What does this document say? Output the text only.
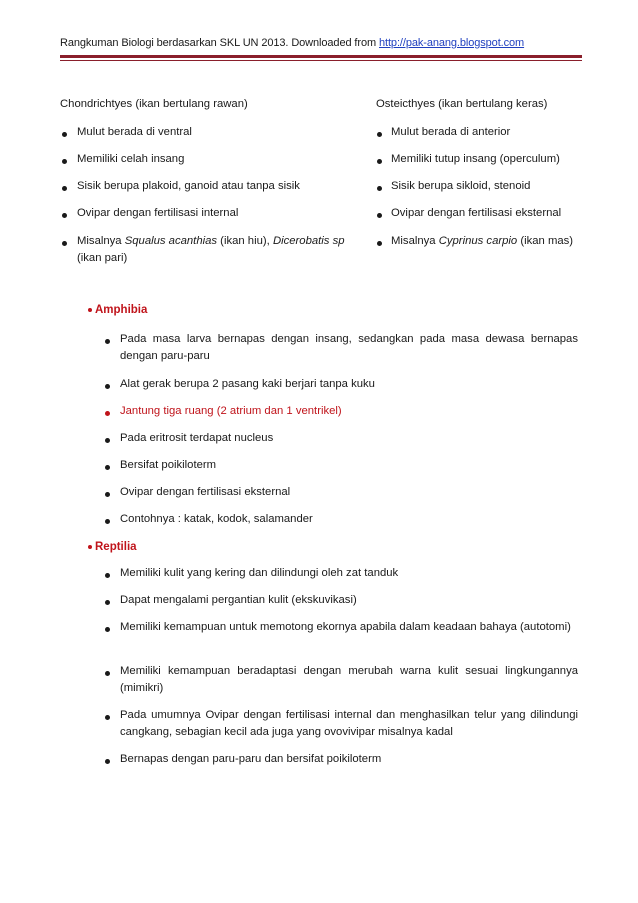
Rangkuman Biologi berdasarkan SKL UN 2013. Downloaded from http://pak-anang.blogspot.com
Chondrichtyes (ikan bertulang rawan)	Osteicthyes (ikan bertulang keras)
Mulut berada di ventral
Memiliki celah insang
Sisik berupa plakoid, ganoid atau tanpa sisik
Ovipar dengan fertilisasi internal
Misalnya Squalus acanthias (ikan hiu), Dicerobatis sp (ikan pari)
Mulut berada di anterior
Memiliki tutup insang (operculum)
Sisik berupa sikloid, stenoid
Ovipar dengan fertilisasi eksternal
Misalnya Cyprinus carpio (ikan mas)
Amphibia
Pada masa larva bernapas dengan insang, sedangkan pada masa dewasa bernapas dengan paru-paru
Alat gerak berupa 2 pasang kaki berjari tanpa kuku
Jantung tiga ruang (2 atrium dan 1 ventrikel)
Pada eritrosit terdapat nucleus
Bersifat poikiloterm
Ovipar dengan fertilisasi eksternal
Contohnya : katak, kodok, salamander
Reptilia
Memiliki kulit yang kering dan dilindungi oleh zat tanduk
Dapat mengalami pergantian kulit (ekskuvikasi)
Memiliki kemampuan untuk memotong ekornya apabila dalam keadaan bahaya (autotomi)
Memiliki kemampuan beradaptasi dengan merubah warna kulit sesuai lingkungannya (mimikri)
Pada umumnya Ovipar dengan fertilisasi internal dan menghasilkan telur yang dilindungi cangkang, sebagian kecil ada juga yang ovovivipar misalnya kadal
Bernapas dengan paru-paru dan bersifat poikiloterm
